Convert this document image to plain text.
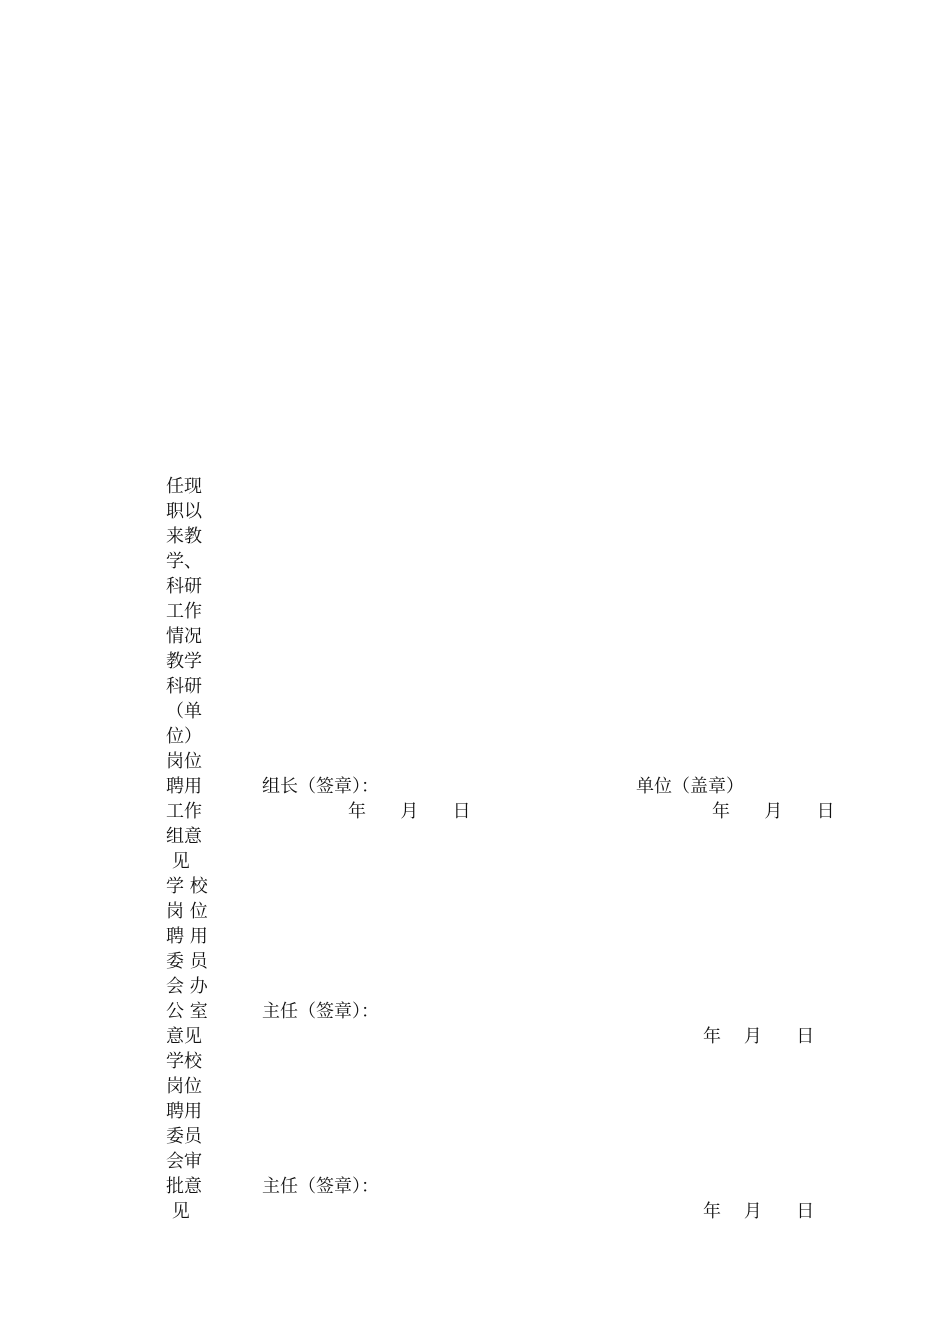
任现
职以
来教
学、
科研
工作
情况
教学
科研
（单
位）
岗位
聘用
工作
组意
见
组长（签章）：	单位（盖章）
年      月      日	年      月      日
学 校
岗 位
聘 用
委 员
会 办
公 室
意见
主任（签章）：
年    月      日
学校
岗位
聘用
委员
会审
批意
见
主任（签章）：
年    月      日
